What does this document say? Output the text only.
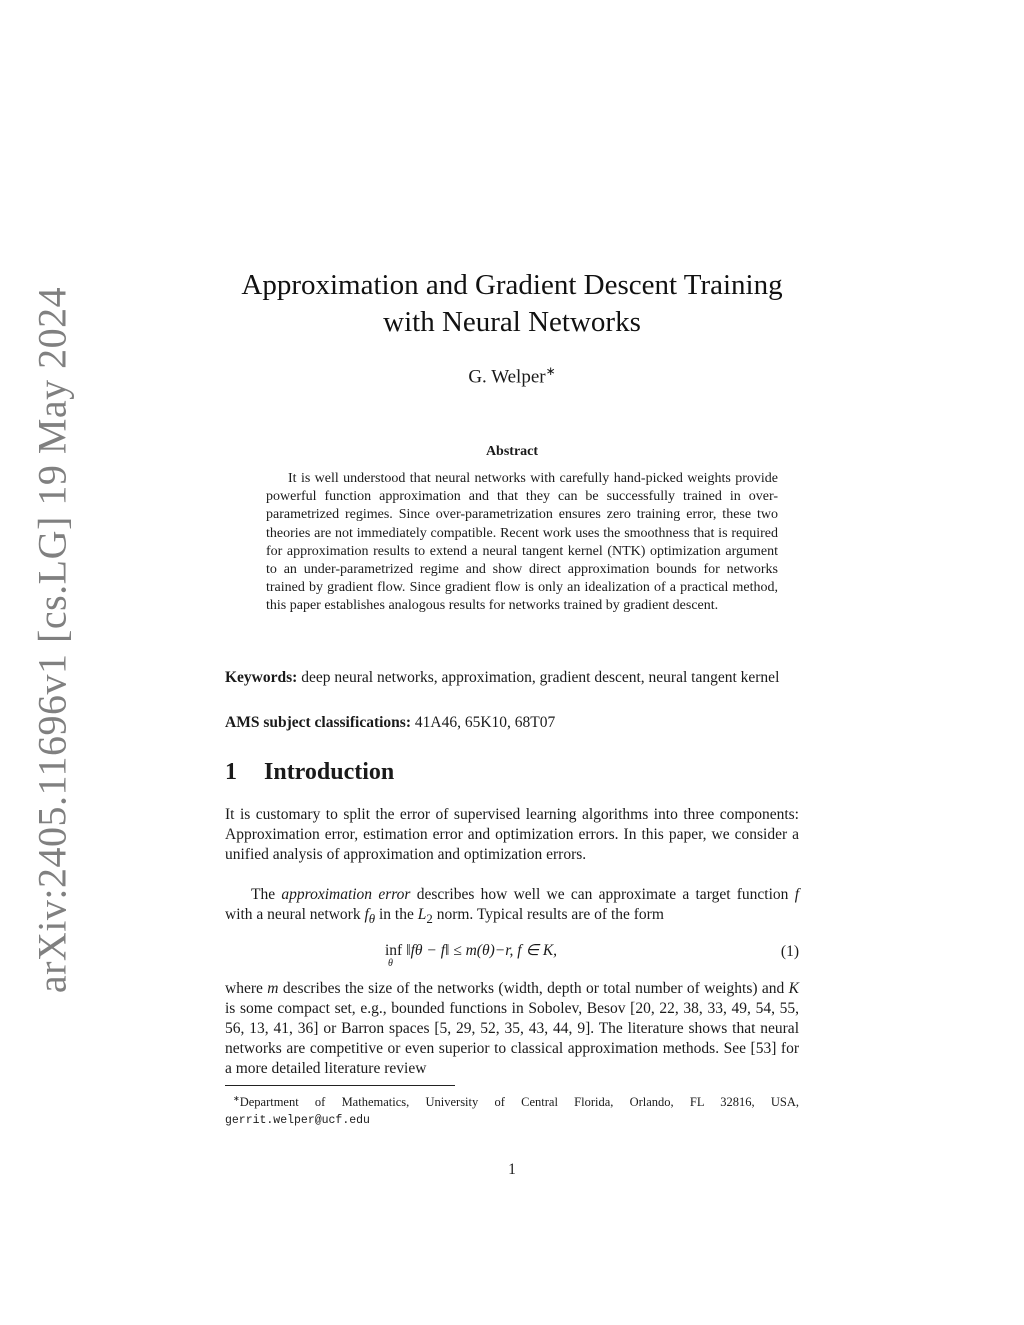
arXiv:2405.11696v1 [cs.LG] 19 May 2024
Approximation and Gradient Descent Training
with Neural Networks
G. Welper∗
Abstract
It is well understood that neural networks with carefully hand-picked weights provide powerful function approximation and that they can be successfully trained in over-parametrized regimes. Since over-parametrization ensures zero training error, these two theories are not immediately compatible. Recent work uses the smoothness that is required for approximation results to extend a neural tangent kernel (NTK) optimization argument to an under-parametrized regime and show direct approximation bounds for networks trained by gradient flow. Since gradient flow is only an idealization of a practical method, this paper establishes analogous results for networks trained by gradient descent.
Keywords: deep neural networks, approximation, gradient descent, neural tangent kernel
AMS subject classifications: 41A46, 65K10, 68T07
1 Introduction

It is customary to split the error of supervised learning algorithms into three components: Approximation error, estimation error and optimization errors. In this paper, we consider a unified analysis of approximation and optimization errors.

The approximation error describes how well we can approximate a target function f with a neural network $f_\theta$ in the $L_2$ norm. Typical results are of the form

inf
θ
‖fθ − f‖ ≤ m(θ)−r, f ∈ K,	(1)

where m describes the size of the networks (width, depth or total number of weights) and K is some compact set, e.g., bounded functions in Sobolev, Besov [20, 22, 38, 33, 49, 54, 55, 56, 13, 41, 36] or Barron spaces [5, 29, 52, 35, 43, 44, 9]. The literature shows that neural networks are competitive or even superior to classical approximation methods. See [53] for a more detailed literature review

∗Department of Mathematics, University of Central Florida, Orlando, FL 32816, USA, gerrit.welper@ucf.edu
1
